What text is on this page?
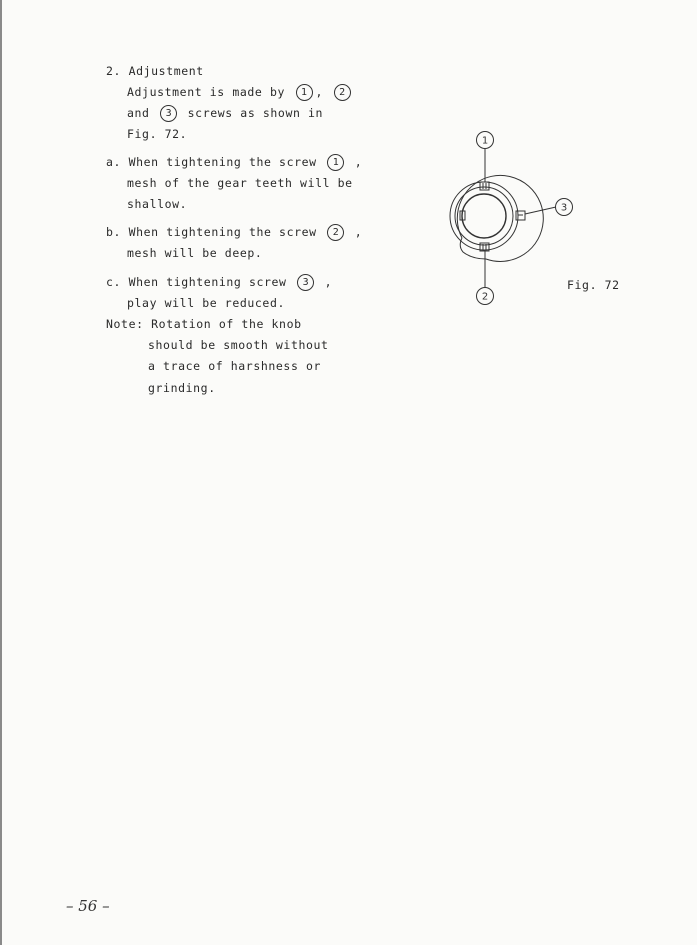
2. Adjustment
Adjustment is made by 1 , 2
and 3 screws as shown in
Fig. 72.
a. When tightening the screw 1 ,
mesh of the gear teeth will be
shallow.
b. When tightening the screw 2 ,
mesh will be deep.
c. When tightening screw 3 ,
play will be reduced.
Note: Rotation of the knob
should be smooth without
a trace of harshness or
grinding.
1
2
3
Fig. 72
– 56 –
